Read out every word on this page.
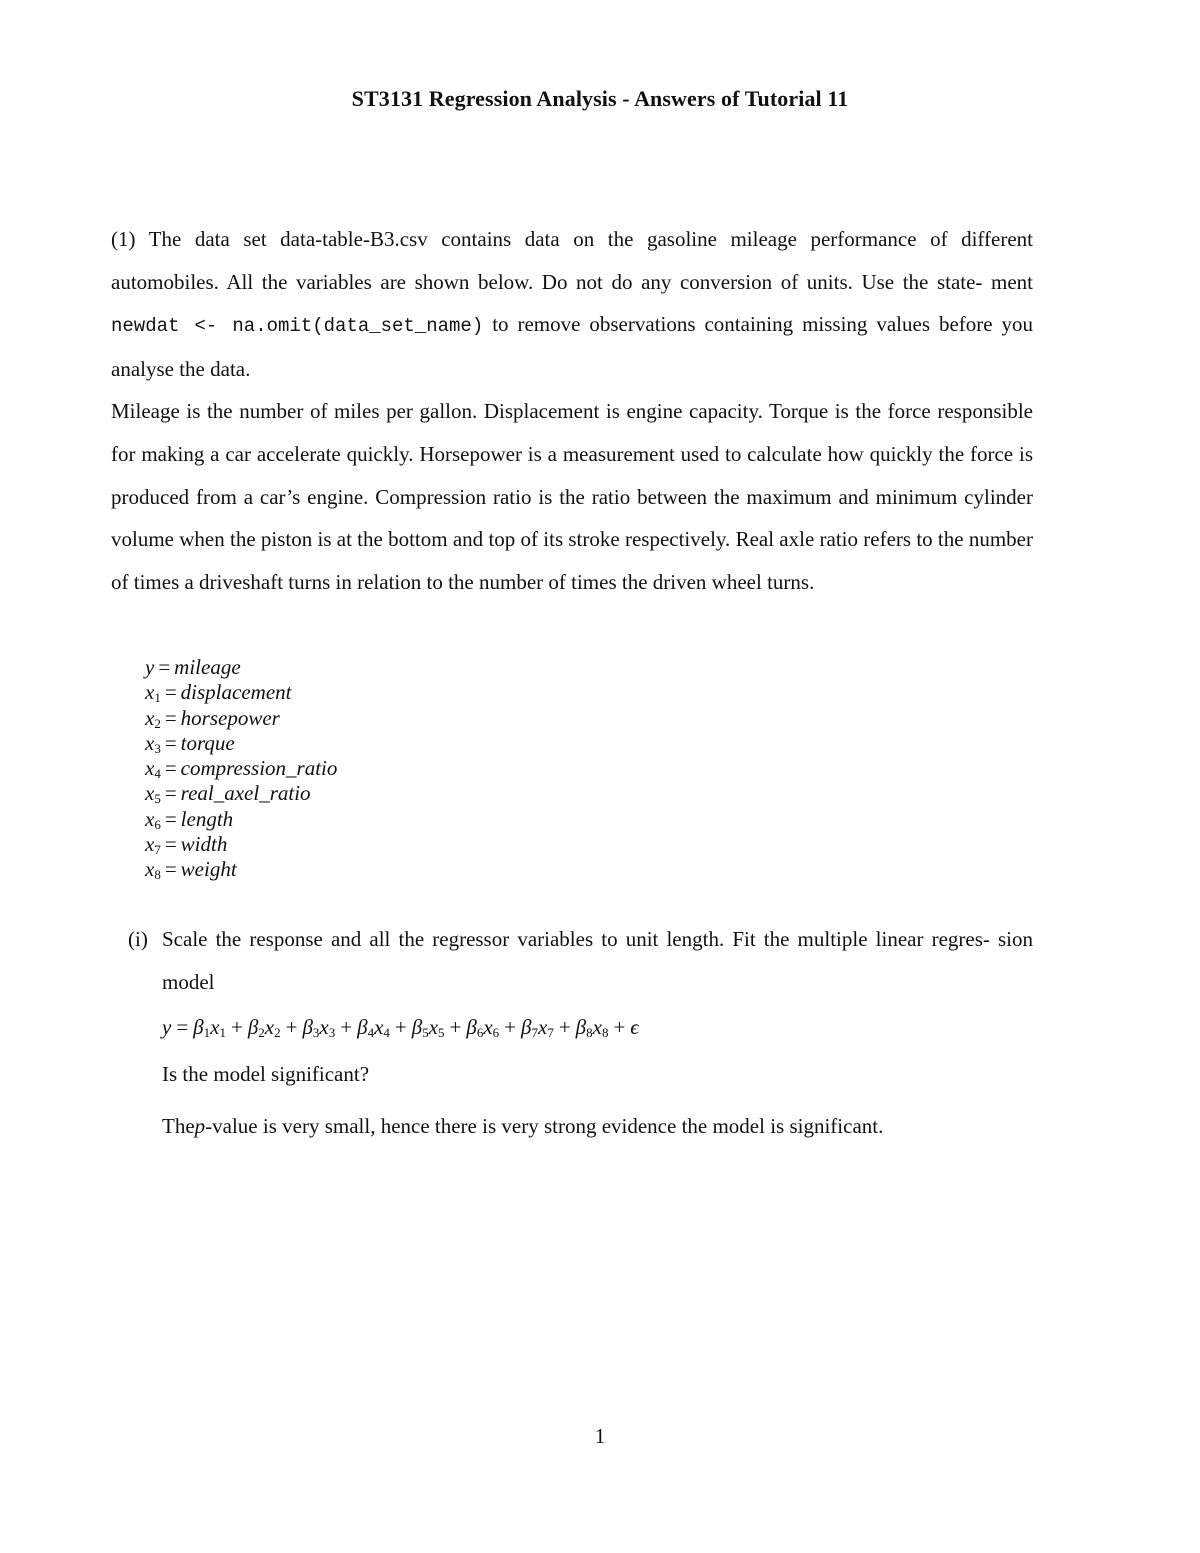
ST3131 Regression Analysis - Answers of Tutorial 11

(1) The data set data-table-B3.csv contains data on the gasoline mileage performance of different automobiles. All the variables are shown below. Do not do any conversion of units. Use the state- ment newdat <- na.omit(data_set_name) to remove observations containing missing values before you analyse the data.

Mileage is the number of miles per gallon. Displacement is engine capacity. Torque is the force responsible for making a car accelerate quickly. Horsepower is a measurement used to calculate how quickly the force is produced from a car’s engine. Compression ratio is the ratio between the maximum and minimum cylinder volume when the piston is at the bottom and top of its stroke respectively. Real axle ratio refers to the number of times a driveshaft turns in relation to the number of times the driven wheel turns.

y = mileage
$x_1$ = displacement
$x_2$ = horsepower
$x_3$ = torque
$x_4$ = compression_ratio
$x_5$ = real_axel_ratio
$x_6$ = length
$x_7$ = width
$x_8$ = weight
(i) Scale the response and all the regressor variables to unit length. Fit the multiple linear regres- sion model

$y = \beta_1x_1 + \beta_2x_2 + \beta_3x_3 + \beta_4x_4 + \beta_5x_5 + \beta_6x_6 + \beta_7x_7 + \beta_8x_8 + \epsilon$
Is the model significant?
Thep-value is very small, hence there is very strong evidence the model is significant.
1
